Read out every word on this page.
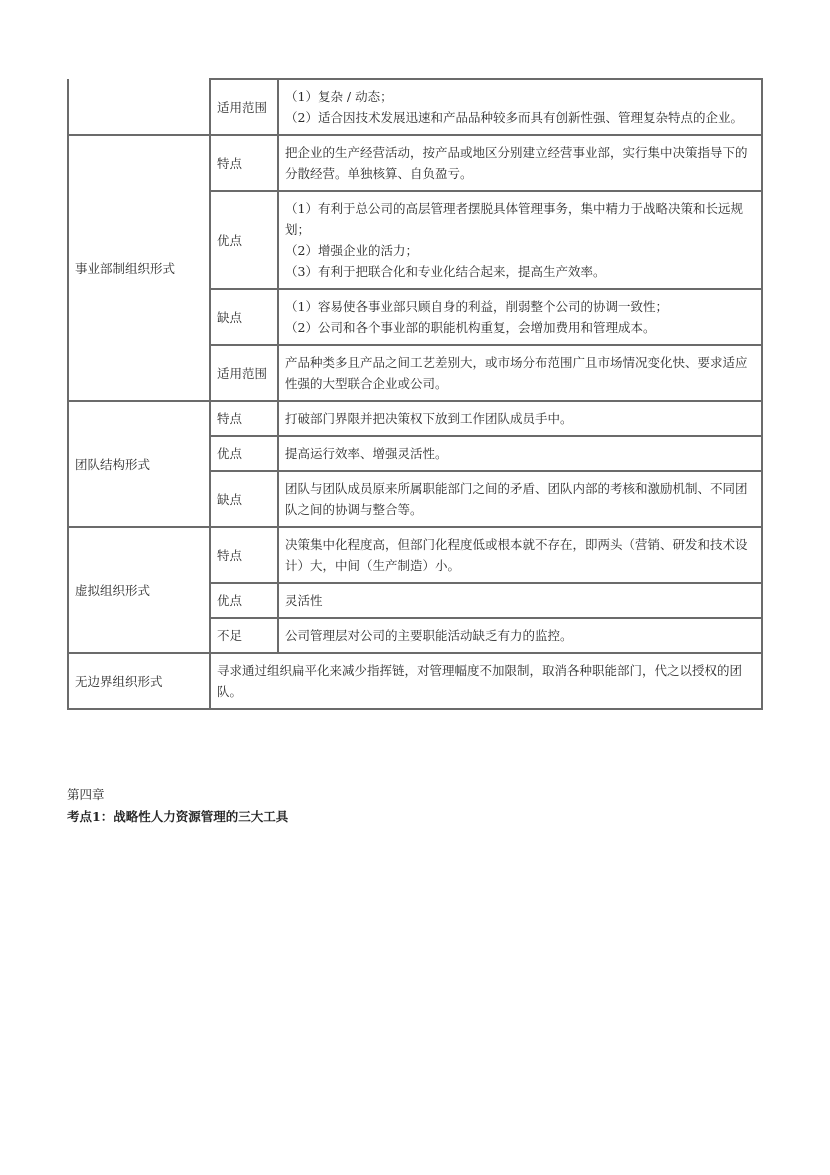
	适用范围	（1）复杂 / 动态；
（2）适合因技术发展迅速和产品品种较多而具有创新性强、管理复杂特点的企业。

事业部制组织形式	特点	把企业的生产经营活动，按产品或地区分别建立经营事业部，实行集中决策指导下的分散经营。单独核算、自负盈亏。

	优点	（1）有利于总公司的高层管理者摆脱具体管理事务，集中精力于战略决策和长远规划；
（2）增强企业的活力；
（3）有利于把联合化和专业化结合起来，提高生产效率。

	缺点	（1）容易使各事业部只顾自身的利益，削弱整个公司的协调一致性；
（2）公司和各个事业部的职能机构重复，会增加费用和管理成本。

	适用范围	产品种类多且产品之间工艺差别大，或市场分布范围广且市场情况变化快、要求适应性强的大型联合企业或公司。

团队结构形式	特点	打破部门界限并把决策权下放到工作团队成员手中。

	优点	提高运行效率、增强灵活性。

	缺点	团队与团队成员原来所属职能部门之间的矛盾、团队内部的考核和激励机制、不同团队之间的协调与整合等。

虚拟组织形式	特点	决策集中化程度高，但部门化程度低或根本就不存在，即两头（营销、研发和技术设计）大，中间（生产制造）小。

	优点	灵活性

	不足	公司管理层对公司的主要职能活动缺乏有力的监控。

无边界组织形式	寻求通过组织扁平化来减少指挥链，对管理幅度不加限制，取消各种职能部门，代之以授权的团队。	
第四章
考点1：战略性人力资源管理的三大工具
